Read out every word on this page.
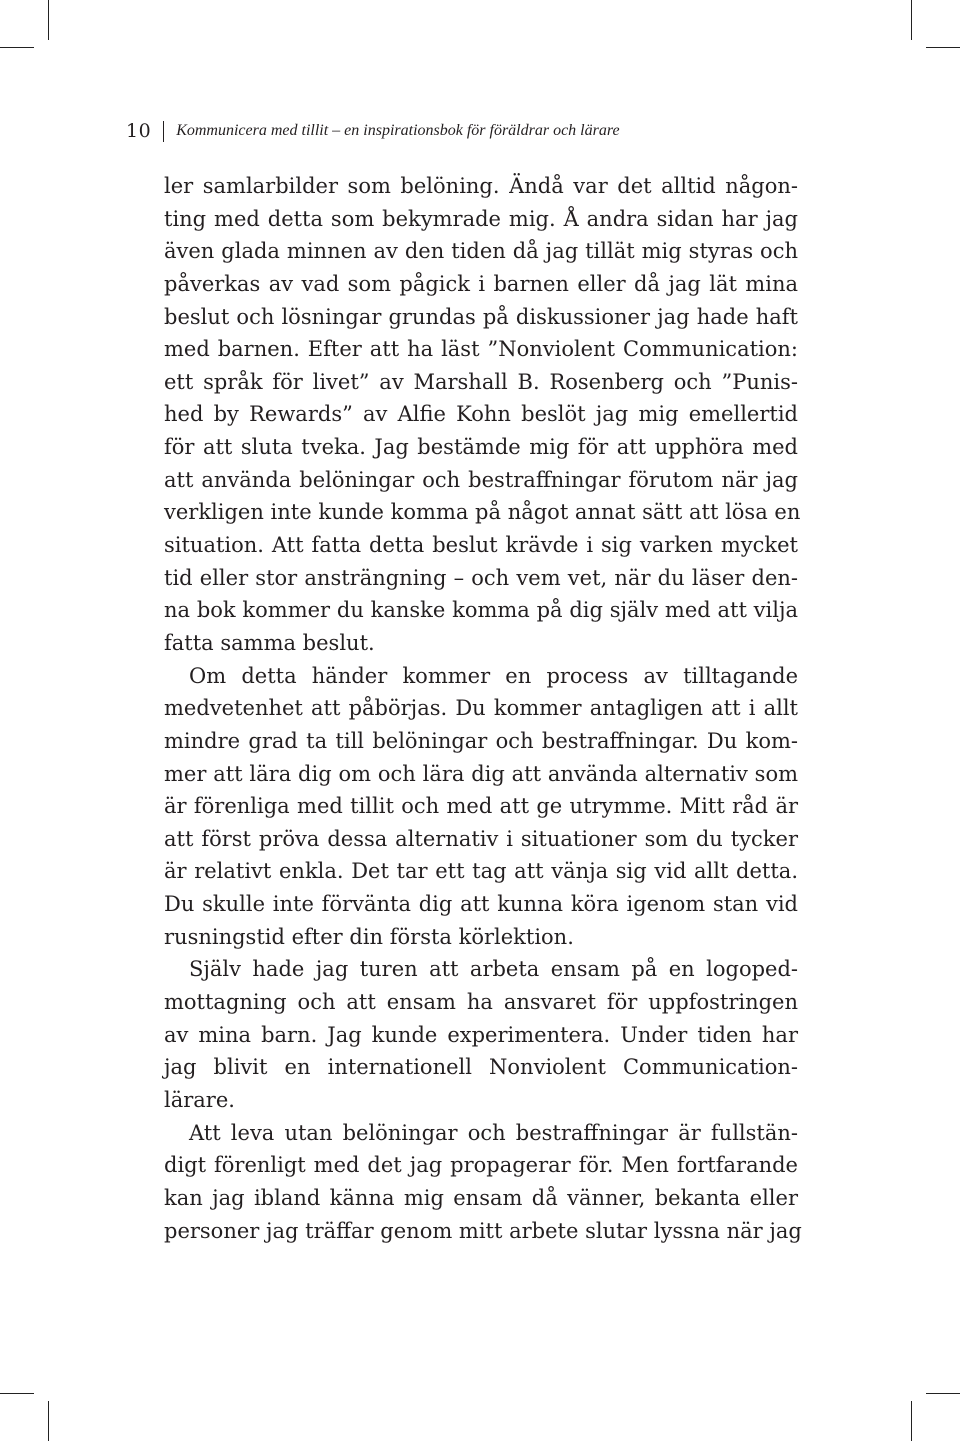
10 Kommunicera med tillit – en inspirationsbok för föräldrar och lärare
ler samlarbilder som belöning. Ändå var det alltid någon-
ting med detta som bekymrade mig. Å andra sidan har jag
även glada minnen av den tiden då jag tillät mig styras och
påverkas av vad som pågick i barnen eller då jag lät mina
beslut och lösningar grundas på diskussioner jag hade haft
med barnen. Efter att ha läst ”Nonviolent Communication:
ett språk för livet” av Marshall B. Rosenberg och ”Punis-
hed by Rewards” av Alfie Kohn beslöt jag mig emellertid
för att sluta tveka. Jag bestämde mig för att upphöra med
att använda belöningar och bestraffningar förutom när jag
verkligen inte kunde komma på något annat sätt att lösa en
situation. Att fatta detta beslut krävde i sig varken mycket
tid eller stor ansträngning – och vem vet, när du läser den-
na bok kommer du kanske komma på dig själv med att vilja
fatta samma beslut.
Om detta händer kommer en process av tilltagande
medvetenhet att påbörjas. Du kommer antagligen att i allt
mindre grad ta till belöningar och bestraffningar. Du kom-
mer att lära dig om och lära dig att använda alternativ som
är förenliga med tillit och med att ge utrymme. Mitt råd är
att först pröva dessa alternativ i situationer som du tycker
är relativt enkla. Det tar ett tag att vänja sig vid allt detta.
Du skulle inte förvänta dig att kunna köra igenom stan vid
rusningstid efter din första körlektion.
Själv hade jag turen att arbeta ensam på en logoped-
mottagning och att ensam ha ansvaret för uppfostringen
av mina barn. Jag kunde experimentera. Under tiden har
jag blivit en internationell Nonviolent Communication-
lärare.
Att leva utan belöningar och bestraffningar är fullstän-
digt förenligt med det jag propagerar för. Men fortfarande
kan jag ibland känna mig ensam då vänner, bekanta eller
personer jag träffar genom mitt arbete slutar lyssna när jag
